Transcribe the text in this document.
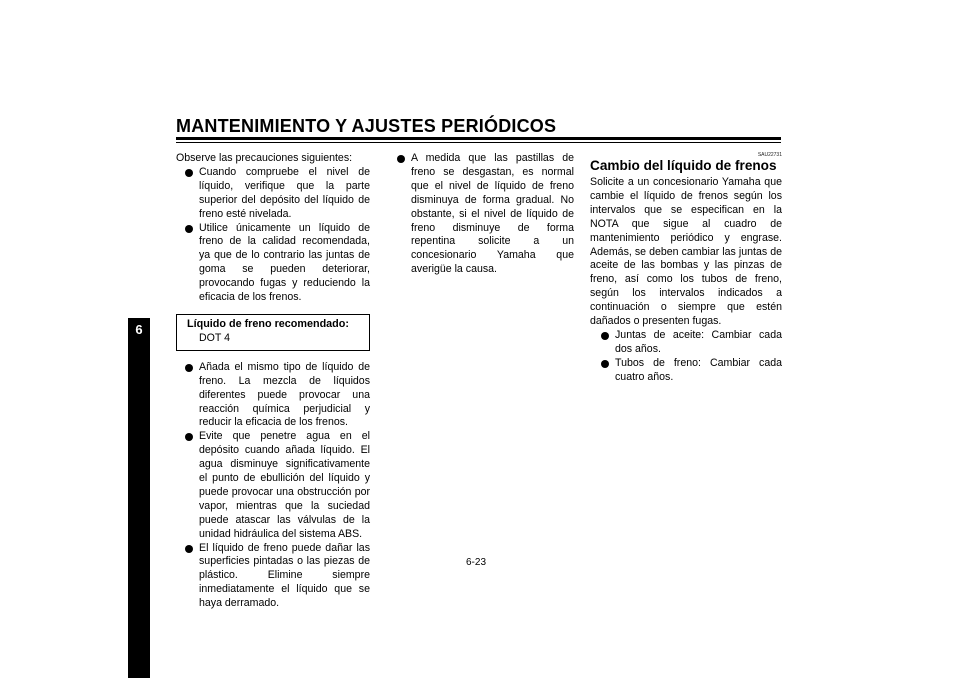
MANTENIMIENTO Y AJUSTES PERIÓDICOS
6

Observe las precauciones siguientes:

Cuando compruebe el nivel de líquido, verifique que la parte superior del depósito del líquido de freno esté nivelada.
Utilice únicamente un líquido de freno de la calidad recomendada, ya que de lo contrario las juntas de goma se pueden deteriorar, provocando fugas y reduciendo la eficacia de los frenos.
Líquido de freno recomendado:
DOT 4
Añada el mismo tipo de líquido de freno. La mezcla de líquidos diferentes puede provocar una reacción química perjudicial y reducir la eficacia de los frenos.
Evite que penetre agua en el depósito cuando añada líquido. El agua disminuye significativamente el punto de ebullición del líquido y puede provocar una obstrucción por vapor, mientras que la suciedad puede atascar las válvulas de la unidad hidráulica del sistema ABS.
El líquido de freno puede dañar las superficies pintadas o las piezas de plástico. Elimine siempre inmediatamente el líquido que se haya derramado.
A medida que las pastillas de freno se desgastan, es normal que el nivel de líquido de freno disminuya de forma gradual. No obstante, si el nivel de líquido de freno disminuye de forma repentina solicite a un concesionario Yamaha que averigüe la causa.
SAU22731
Cambio del líquido de frenos

Solicite a un concesionario Yamaha que cambie el líquido de frenos según los intervalos que se especifican en la NOTA que sigue al cuadro de mantenimiento periódico y engrase. Además, se deben cambiar las juntas de aceite de las bombas y las pinzas de freno, así como los tubos de freno, según los intervalos indicados a continuación o siempre que estén dañados o presenten fugas.

Juntas de aceite: Cambiar cada dos años.
Tubos de freno: Cambiar cada cuatro años.
6-23
